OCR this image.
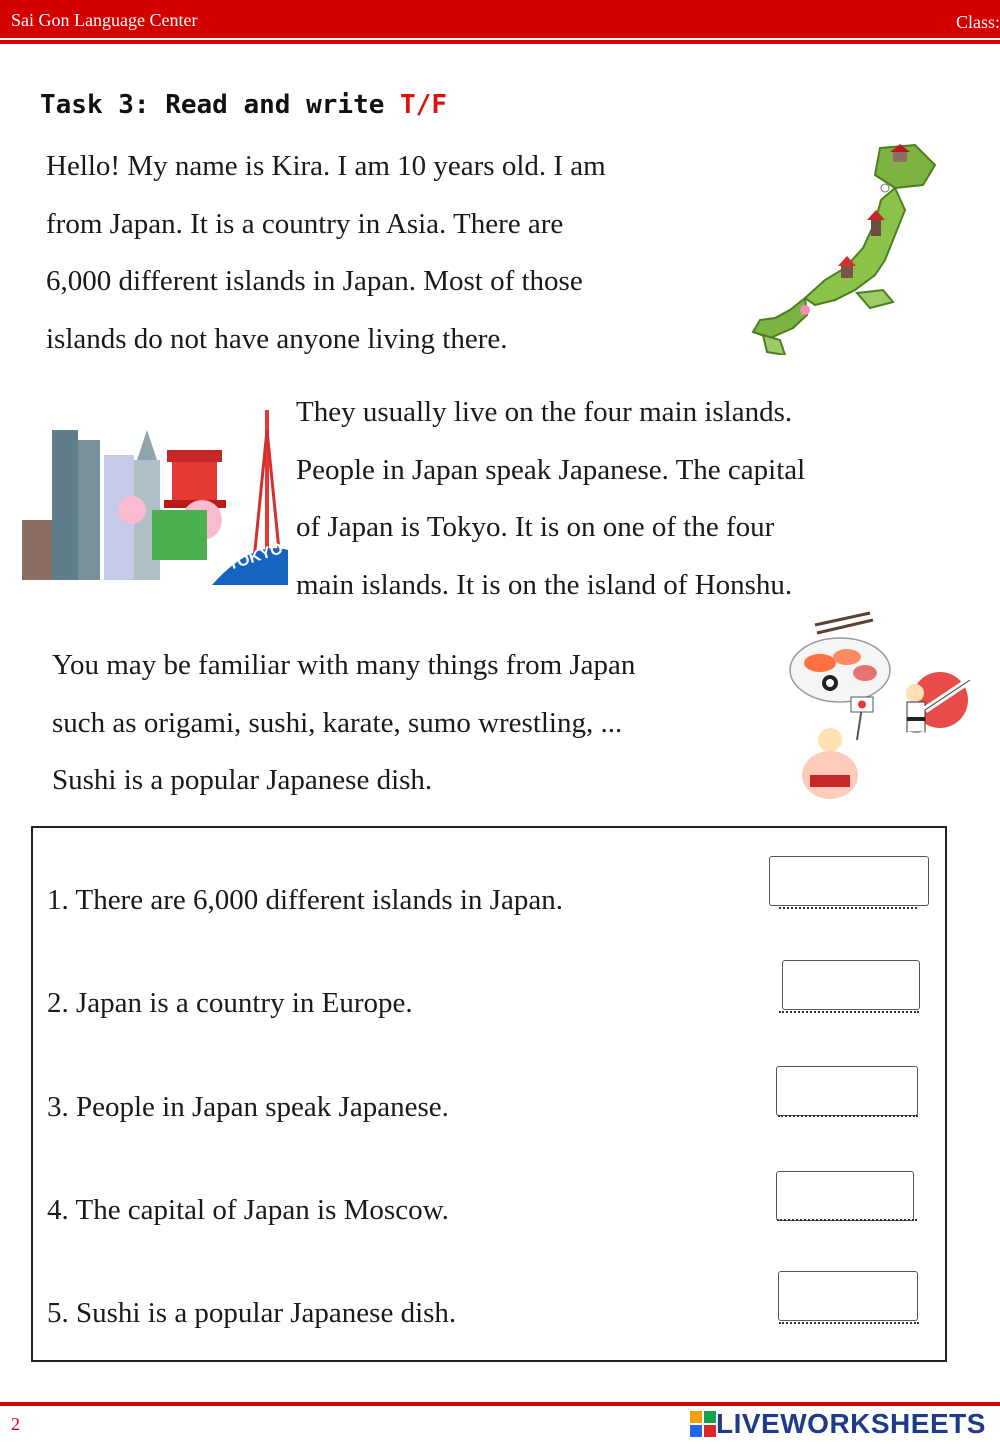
Sai Gon Language Center	Class:
Task 3: Read and write T/F
Hello! My name is Kira. I am 10 years old. I am
from Japan. It is a country in Asia. There are
6,000 different islands in Japan. Most of those
islands do not have anyone living there.
TOKYO
They usually live on the four main islands.
People in Japan speak Japanese. The capital
of Japan is Tokyo. It is on one of the four
main islands. It is on the island of Honshu.
You may be familiar with many things from Japan
such as origami, sushi, karate, sumo wrestling, ...
Sushi is a popular Japanese dish.
1. There are 6,000 different islands in Japan.
2. Japan is a country in Europe.
3. People in Japan speak Japanese.
4. The capital of Japan is Moscow.
5. Sushi is a popular Japanese dish.
2	LIVEWORKSHEETS
